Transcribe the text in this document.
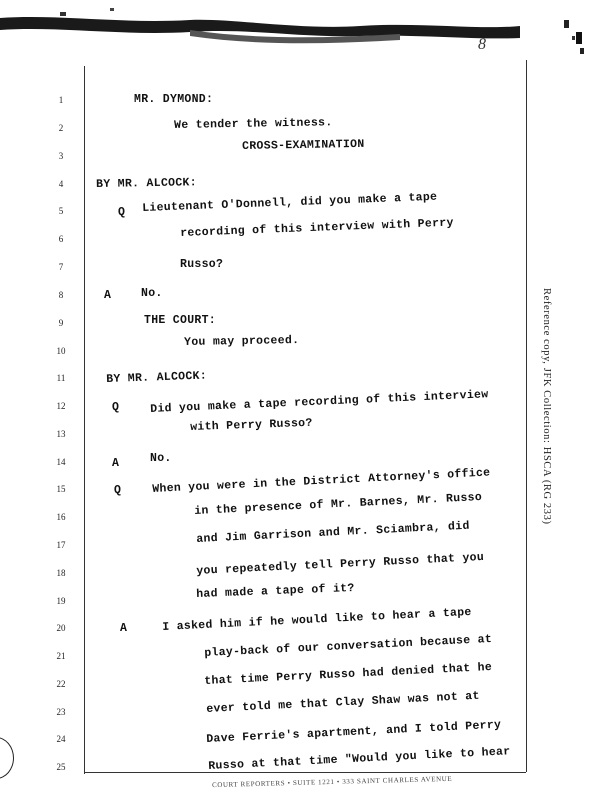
8
1
2
3
4
5
6
7
8
9
10
11
12
13
14
15
16
17
18
19
20
21
22
23
24
25
Q
A
Q
A
Q
A
MR. DYMOND:
We tender the witness.
CROSS-EXAMINATION
BY MR. ALCOCK:
Lieutenant O'Donnell, did you make a tape
recording of this interview with Perry
Russo?
No.
THE COURT:
You may proceed.
BY MR. ALCOCK:
Did you make a tape recording of this interview
with Perry Russo?
No.
When you were in the District Attorney's office
in the presence of Mr. Barnes, Mr. Russo
and Jim Garrison and Mr. Sciambra, did
you repeatedly tell Perry Russo that you
had made a tape of it?
I asked him if he would like to hear a tape
play-back of our conversation because at
that time Perry Russo had denied that he
ever told me that Clay Shaw was not at
Dave Ferrie's apartment, and I told Perry
Russo at that time "Would you like to hear
Reference copy, JFK Collection: HSCA (RG 233)
COURT REPORTERS • SUITE 1221 • 333 SAINT CHARLES AVENUE
